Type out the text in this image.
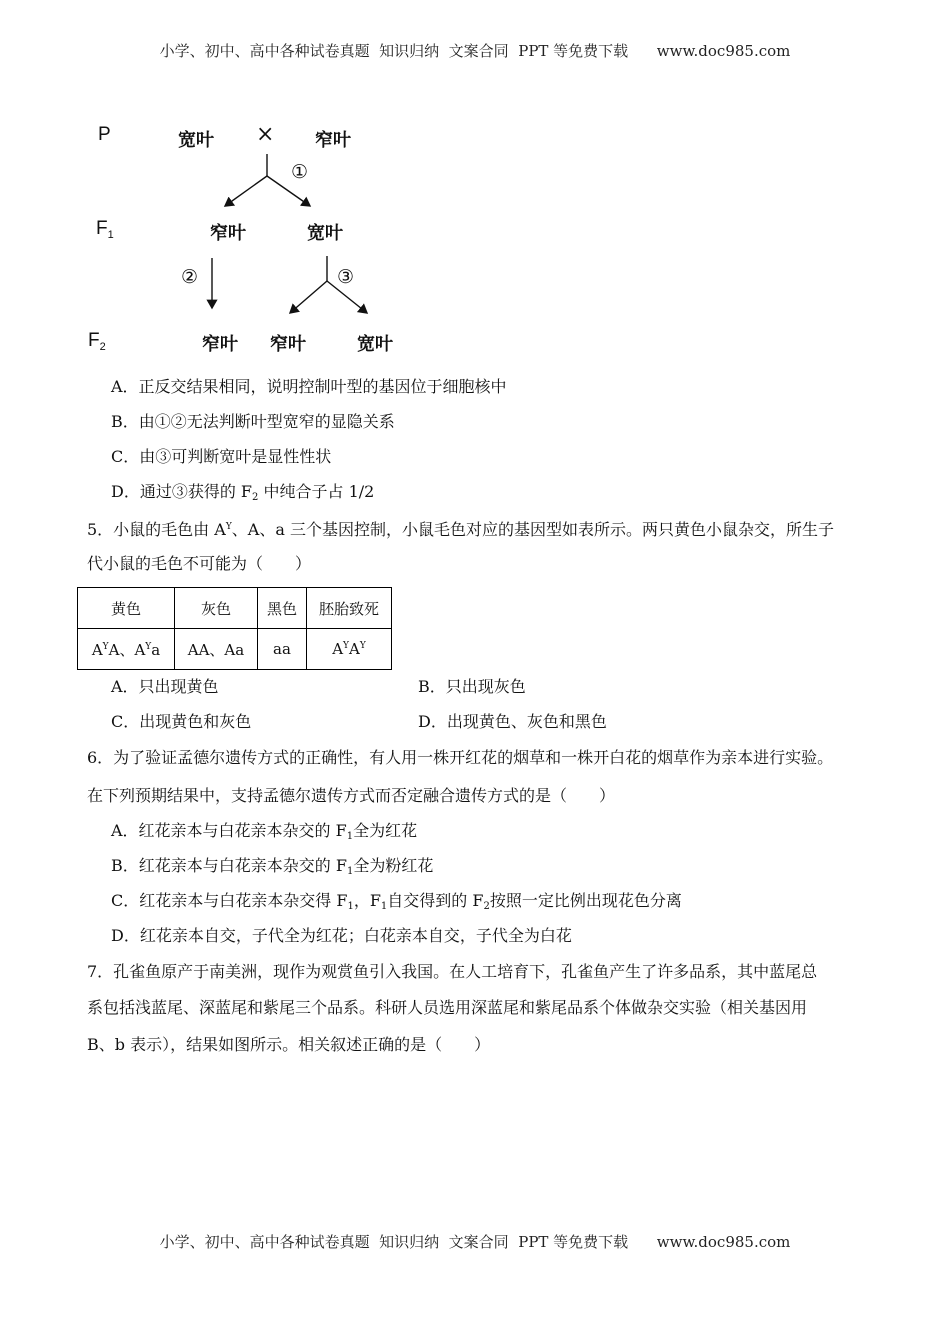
小学、初中、高中各种试卷真题  知识归纳  文案合同  PPT 等免费下载      www.doc985.com
P
$F_1$
$F_2$
宽叶 × 窄叶
①
窄叶	宽叶
②	③
窄叶 窄叶	宽叶
A．正反交结果相同，说明控制叶型的基因位于细胞核中
B．由①②无法判断叶型宽窄的显隐关系
C．由③可判断宽叶是显性性状
D．通过③获得的 $F_2$ 中纯合子占 1/2
5．小鼠的毛色由 $A^Y$、A、a 三个基因控制，小鼠毛色对应的基因型如表所示。两只黄色小鼠杂交，所生子
代小鼠的毛色不可能为（　　）
黄色	灰色	黑色	胚胎致死
$A^YA$、$A^Ya$	AA、Aa	aa	$A^YA^Y$
A．只出现黄色	B．只出现灰色
C．出现黄色和灰色	D．出现黄色、灰色和黑色
6．为了验证孟德尔遗传方式的正确性，有人用一株开红花的烟草和一株开白花的烟草作为亲本进行实验。
在下列预期结果中，支持孟德尔遗传方式而否定融合遗传方式的是（　　）
A．红花亲本与白花亲本杂交的 $F_1$全为红花
B．红花亲本与白花亲本杂交的 $F_1$全为粉红花
C．红花亲本与白花亲本杂交得 $F_1$，$F_1$自交得到的 $F_2$按照一定比例出现花色分离
D．红花亲本自交，子代全为红花；白花亲本自交，子代全为白花
7．孔雀鱼原产于南美洲，现作为观赏鱼引入我国。在人工培育下，孔雀鱼产生了许多品系，其中蓝尾总
系包括浅蓝尾、深蓝尾和紫尾三个品系。科研人员选用深蓝尾和紫尾品系个体做杂交实验（相关基因用
B、b 表示），结果如图所示。相关叙述正确的是（　　）
小学、初中、高中各种试卷真题  知识归纳  文案合同  PPT 等免费下载      www.doc985.com
